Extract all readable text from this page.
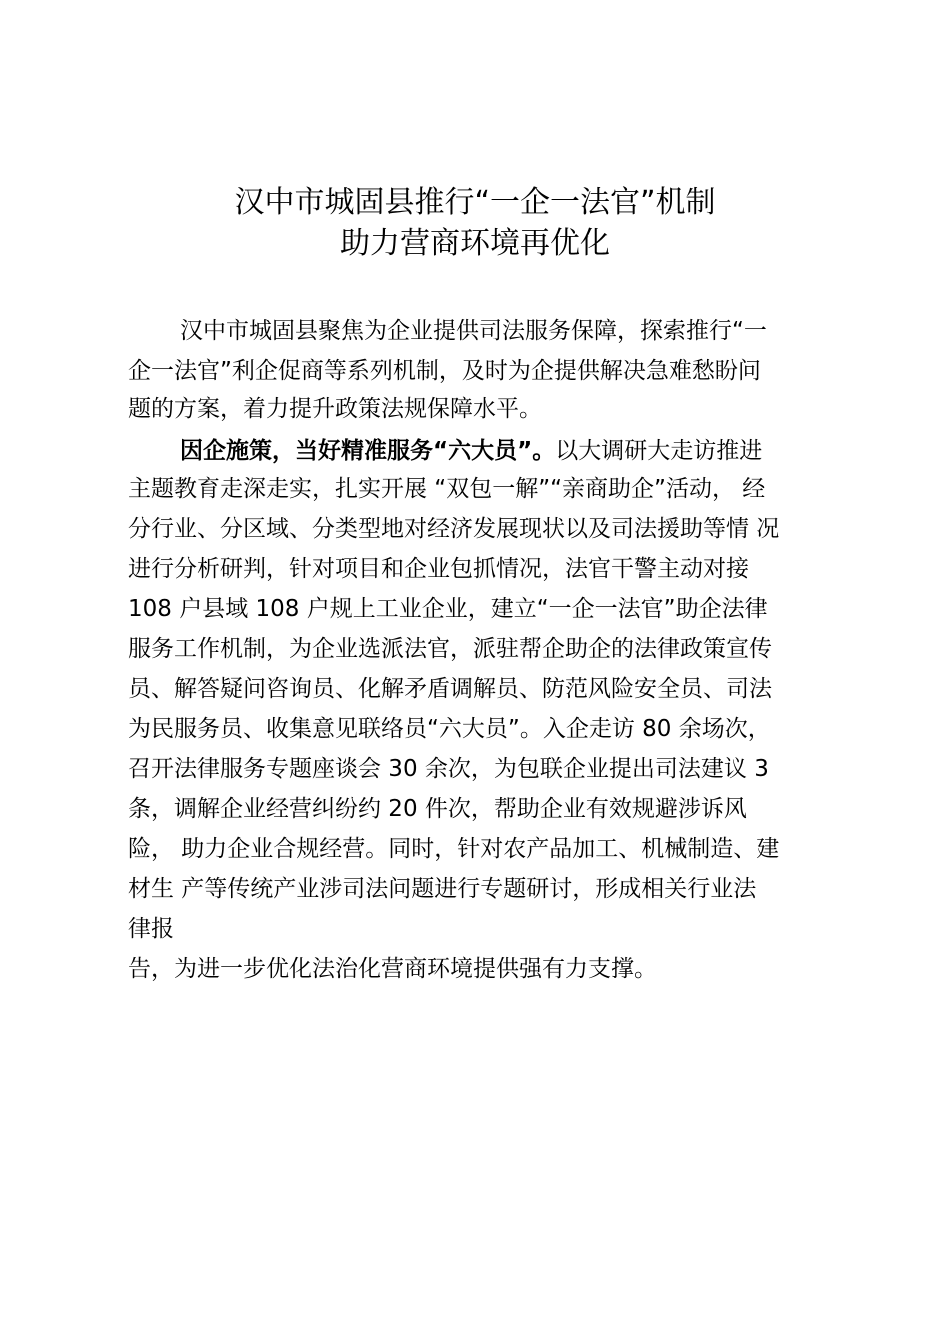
汉中市城固县推行“一企一法官”机制
助力营商环境再优化
汉中市城固县聚焦为企业提供司法服务保障，探索推行“一
企一法官”利企促商等系列机制，及时为企提供解决急难愁盼问
题的方案，着力提升政策法规保障水平。
因企施策，当好精准服务“六大员”。以大调研大走访推进
主题教育走深走实，扎实开展 “双包一解”“亲商助企”活动， 经
分行业、分区域、分类型地对经济发展现状以及司法援助等情 况
进行分析研判，针对项目和企业包抓情况，法官干警主动对接
108 户县域 108 户规上工业企业，建立“一企一法官”助企法律
服务工作机制，为企业选派法官，派驻帮企助企的法律政策宣传
员、解答疑问咨询员、化解矛盾调解员、防范风险安全员、司法
为民服务员、收集意见联络员“六大员”。入企走访 80 余场次，
召开法律服务专题座谈会 30 余次，为包联企业提出司法建议 3
条，调解企业经营纠纷约 20 件次，帮助企业有效规避涉诉风
险， 助力企业合规经营。同时，针对农产品加工、机械制造、建
材生 产等传统产业涉司法问题进行专题研讨，形成相关行业法
律报
告，为进一步优化法治化营商环境提供强有力支撑。
